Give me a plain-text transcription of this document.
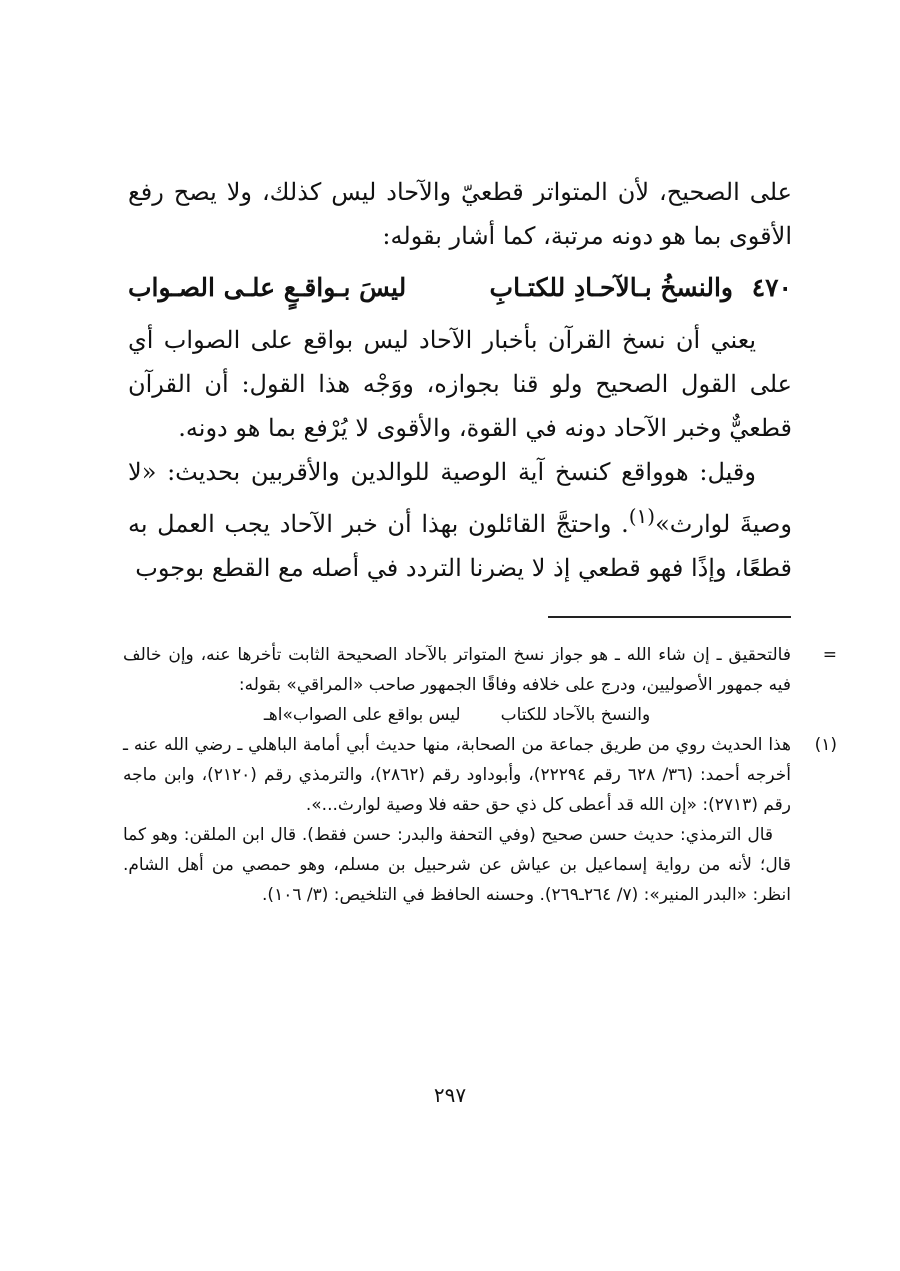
على الصحيح، لأن المتواتر قطعيّ والآحاد ليس كذلك، ولا يصح رفع الأقوى بما هو دونه مرتبة، كما أشار بقوله:

٤٧٠ والنسخُ بـالآحـادِ للكتـابِ
ليسَ بـواقـعٍ علـى الصـواب

يعني أن نسخ القرآن بأخبار الآحاد ليس بواقع على الصواب أي على القول الصحيح ولو قنا بجوازه، ووَجْه هذا القول: أن القرآن قطعيٌّ وخبر الآحاد دونه في القوة، والأقوى لا يُرْفع بما هو دونه.

وقيل: هوواقع كنسخ آية الوصية للوالدين والأقربين بحديث: «لا وصيةَ لوارث»$^{(١)}$. واحتجَّ القائلون بهذا أن خبر الآحاد يجب العمل به قطعًا، وإذًا فهو قطعي إذ لا يضرنا التردد في أصله مع القطع بوجوب

=

فالتحقيق ـ إن شاء الله ـ هو جواز نسخ المتواتر بالآحاد الصحيحة الثابت تأخرها عنه، وإن خالف فيه جمهور الأصوليين، ودرج على خلافه وفاقًا الجمهور صاحب «المراقي» بقوله:

والنسخ بالآحاد للكتاب
ليس بواقع على الصواب»اهـ
(١)

هذا الحديث روي من طريق جماعة من الصحابة، منها حديث أبي أمامة الباهلي ـ رضي الله عنه ـ أخرجه أحمد: (٣٦/ ٦٢٨ رقم ٢٢٢٩٤)، وأبوداود رقم (٢٨٦٢)، والترمذي رقم (٢١٢٠)، وابن ماجه رقم (٢٧١٣): «إن الله قد أعطى كل ذي حق حقه فلا وصية لوارث...».

قال الترمذي: حديث حسن صحيح (وفي التحفة والبدر: حسن فقط). قال ابن الملقن: وهو كما قال؛ لأنه من رواية إسماعيل بن عياش عن شرحبيل بن مسلم، وهو حمصي من أهل الشام. انظر: «البدر المنير»: (٧/ ٢٦٤ـ٢٦٩). وحسنه الحافظ في التلخيص: (٣/ ١٠٦).

٢٩٧
